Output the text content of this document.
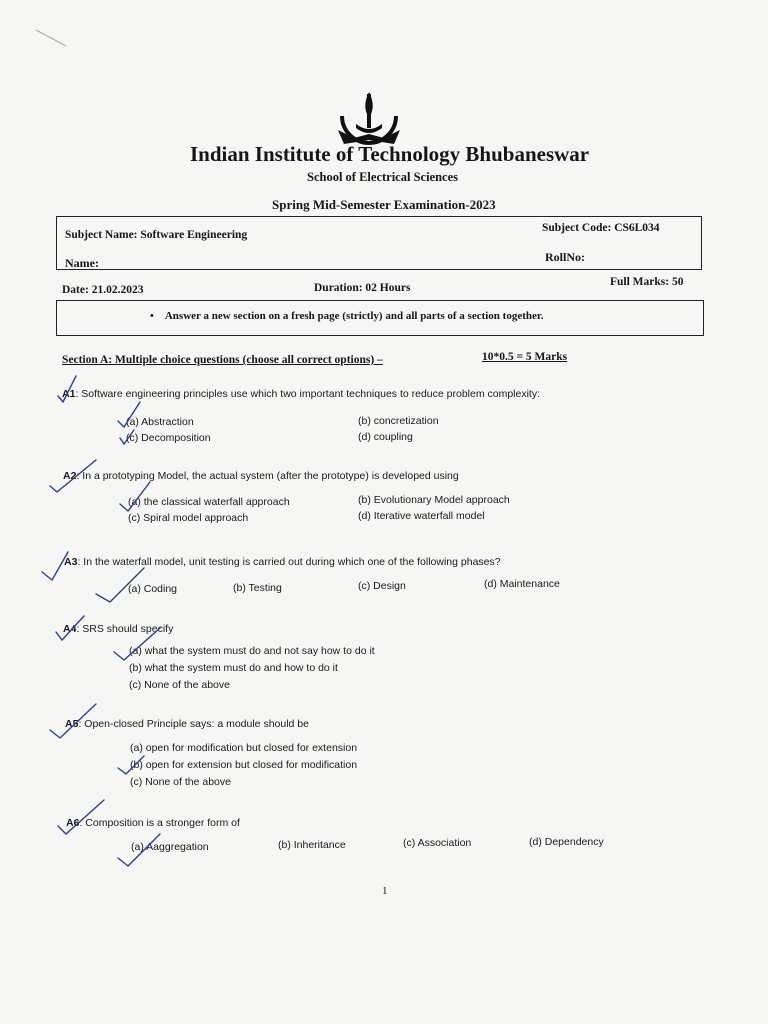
Indian Institute of Technology Bhubaneswar
School of Electrical Sciences
Spring Mid-Semester Examination-2023
Subject Name: Software Engineering
Subject Code: CS6L034
Name:	RollNo:
Date: 21.02.2023	Duration: 02 Hours	Full Marks: 50
•    Answer a new section on a fresh page (strictly) and all parts of a section together.
Section A: Multiple choice questions (choose all correct options) –	10*0.5 = 5 Marks
A1: Software engineering principles use which two important techniques to reduce problem complexity:
(a) Abstraction	(b) concretization
(c) Decomposition	(d) coupling
A2: In a prototyping Model, the actual system (after the prototype) is developed using
(a) the classical waterfall approach	(b) Evolutionary Model approach
(c) Spiral model approach	(d) Iterative waterfall model
A3: In the waterfall model, unit testing is carried out during which one of the following phases?
(a) Coding	(b) Testing	(c) Design	(d) Maintenance
A4: SRS should specify
(a) what the system must do and not say how to do it
(b) what the system must do and how to do it
(c) None of the above
A5: Open-closed Principle says: a module should be
(a) open for modification but closed for extension
(b) open for extension but closed for modification
(c) None of the above
A6: Composition is a stronger form of
(a) Aaggregation	(b) Inheritance	(c) Association	(d) Dependency
1
